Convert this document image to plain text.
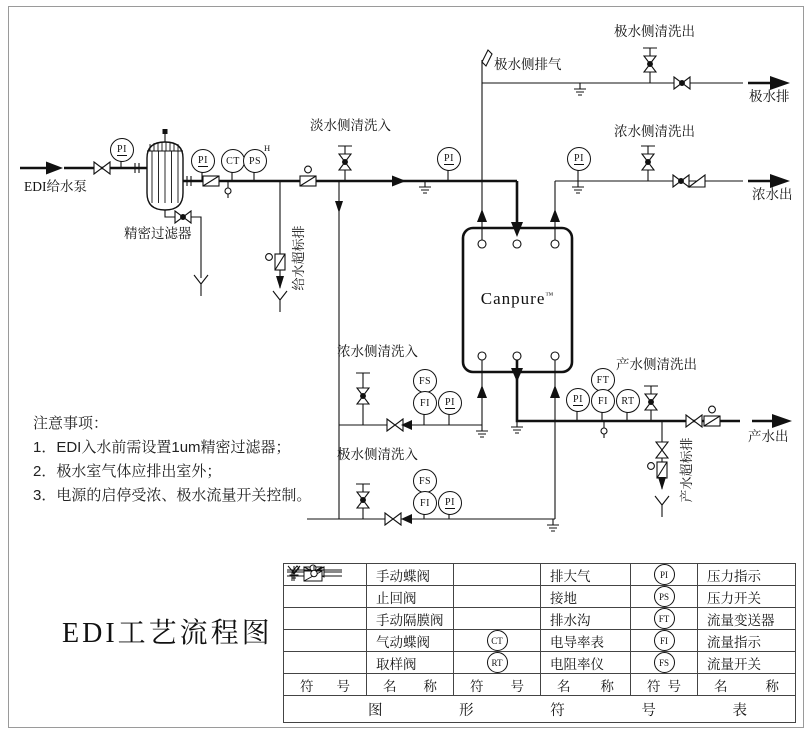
EDI给水泵
精密过滤器
淡水侧清洗入
极水侧排气
极水侧清洗出
极水排
浓水侧清洗出
浓水出
浓水侧清洗入
极水侧清洗入
产水侧清洗出
产水出
给水超标排
产水超标排
Canpure™
PI
PI CT PS
H
PI	PI
FS
FI PI
FS
FI PI
PI
FT
FI RT
注意事项：
1．EDI入水前需设置1um精密过滤器；
2．极水室气体应排出室外；
3．电源的启停受浓、极水流量开关控制。
EDI工艺流程图
	手动蝶阀		排大气	PI	压力指示

	止回阀		接地	PS	压力开关

	手动隔膜阀		排水沟	FT	流量变送器

	气动蝶阀	CT	电导率表	FI	流量指示

	取样阀	RT	电阻率仪	FS	流量开关

符 号	名 称	符 号	名 称	符 号	名 称

图 形 符 号 表					
